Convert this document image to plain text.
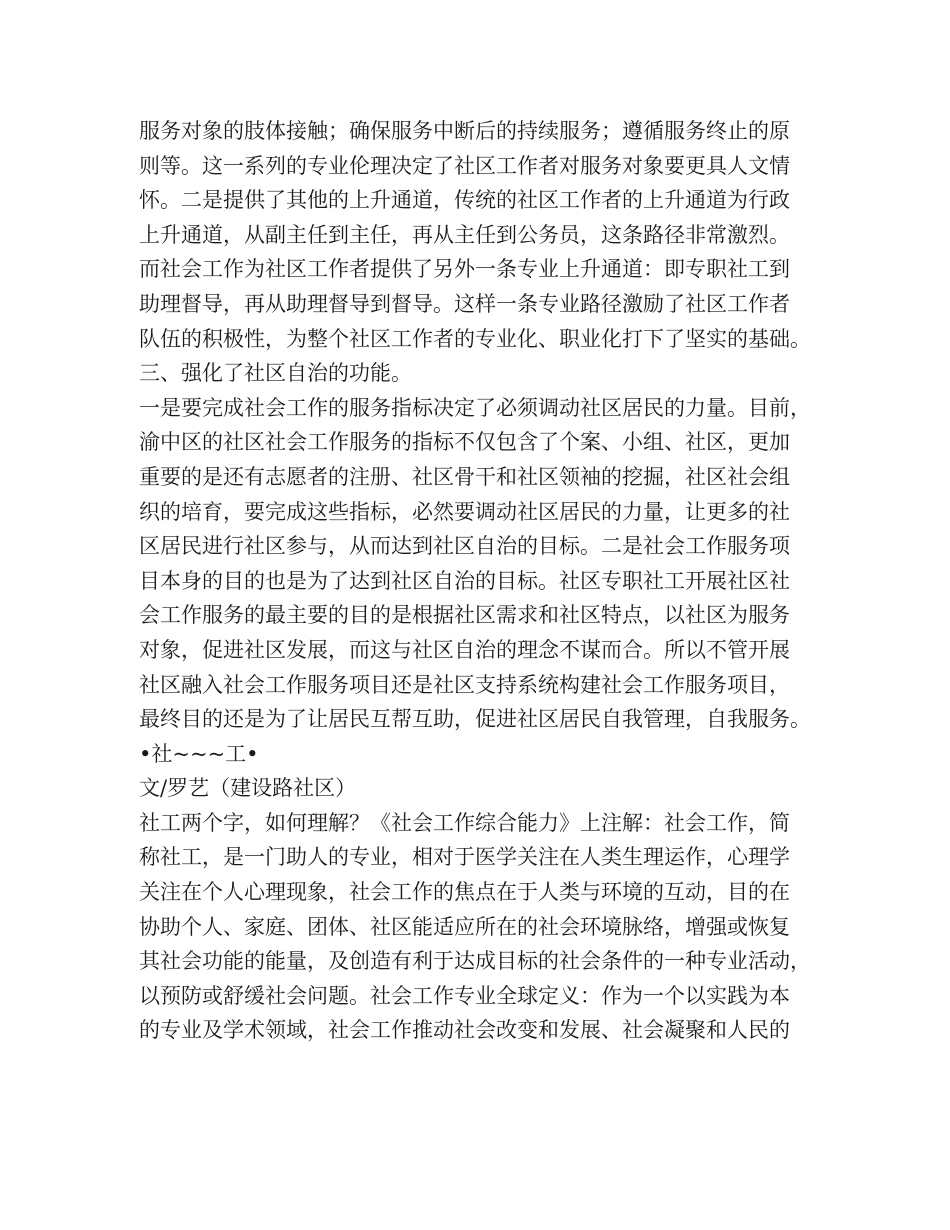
服务对象的肢体接触；确保服务中断后的持续服务；遵循服务终止的原
则等。这一系列的专业伦理决定了社区工作者对服务对象要更具人文情
怀。二是提供了其他的上升通道，传统的社区工作者的上升通道为行政
上升通道，从副主任到主任，再从主任到公务员，这条路径非常激烈。
而社会工作为社区工作者提供了另外一条专业上升通道：即专职社工到
助理督导，再从助理督导到督导。这样一条专业路径激励了社区工作者
队伍的积极性，为整个社区工作者的专业化、职业化打下了坚实的基础。
三、强化了社区自治的功能。
一是要完成社会工作的服务指标决定了必须调动社区居民的力量。目前，
渝中区的社区社会工作服务的指标不仅包含了个案、小组、社区，更加
重要的是还有志愿者的注册、社区骨干和社区领袖的挖掘，社区社会组
织的培育，要完成这些指标，必然要调动社区居民的力量，让更多的社
区居民进行社区参与，从而达到社区自治的目标。二是社会工作服务项
目本身的目的也是为了达到社区自治的目标。社区专职社工开展社区社
会工作服务的最主要的目的是根据社区需求和社区特点，以社区为服务
对象，促进社区发展，而这与社区自治的理念不谋而合。所以不管开展
社区融入社会工作服务项目还是社区支持系统构建社会工作服务项目，
最终目的还是为了让居民互帮互助，促进社区居民自我管理，自我服务。
•社~~~工•
文/罗艺（建设路社区）
社工两个字，如何理解？《社会工作综合能力》上注解：社会工作，简
称社工，是一门助人的专业，相对于医学关注在人类生理运作，心理学
关注在个人心理现象，社会工作的焦点在于人类与环境的互动，目的在
协助个人、家庭、团体、社区能适应所在的社会环境脉络，增强或恢复
其社会功能的能量，及创造有利于达成目标的社会条件的一种专业活动，
以预防或舒缓社会问题。社会工作专业全球定义：作为一个以实践为本
的专业及学术领域，社会工作推动社会改变和发展、社会凝聚和人民的
